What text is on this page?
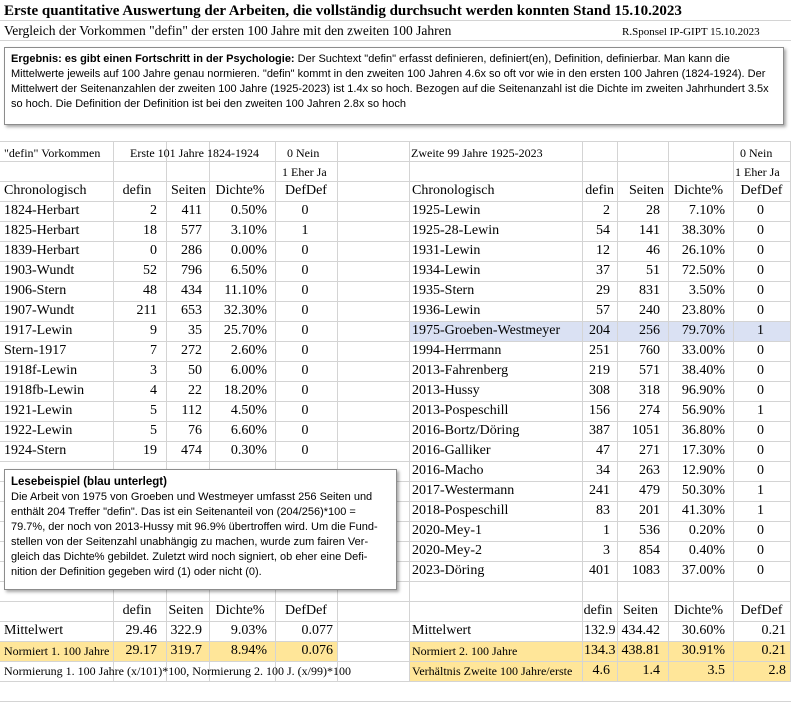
Erste quantitative Auswertung der Arbeiten, die vollständig durchsucht werden konnten Stand 15.10.2023
Vergleich der Vorkommen "defin" der ersten 100 Jahre mit den zweiten 100 Jahren	R.Sponsel IP-GIPT 15.10.2023

Ergebnis: es gibt einen Fortschritt in der Psychologie: Der Suchtext "defin" erfasst definieren, definiert(en), Definition, definierbar. Man kann die Mittelwerte jeweils auf 100 Jahre genau normieren. "defin" kommt in den zweiten 100 Jahren 4.6x so oft vor wie in den ersten 100 Jahren (1824-1924). Der Mittelwert der Seitenanzahlen der zweiten 100 Jahre (1925-2023) ist 1.4x so hoch. Bezogen auf die Seitenanzahl ist die Dichte im zweiten Jahrhundert 3.5x so hoch. Die Definition der Definition ist bei den zweiten 100 Jahren 2.8x so hoch

"defin" Vorkommen Erste 101 Jahre 1824-1924 0 Nein	Zweite 99 Jahre 1925-2023	0 Nein
1 Eher Ja	1 Eher Ja
Chronologisch	defin	Seiten Dichte%	DefDef	Chronologisch	defin	Seiten Dichte%	DefDef
1824-Herbart	2	411	0.50%	0
1825-Herbart	18	577	3.10%	1
1839-Herbart	0	286	0.00%	0
1903-Wundt	52	796	6.50%	0
1906-Stern	48	434	11.10%	0
1907-Wundt	211	653	32.30%	0
1917-Lewin	9	35	25.70%	0
Stern-1917	7	272	2.60%	0
1918f-Lewin	3	50	6.00%	0
1918fb-Lewin	4	22	18.20%	0
1921-Lewin	5	112	4.50%	0
1922-Lewin	5	76	6.60%	0
1924-Stern	19	474	0.30%	0
1925-Lewin	2	28	7.10%	0
1925-28-Lewin	54	141	38.30%	0
1931-Lewin	12	46	26.10%	0
1934-Lewin	37	51	72.50%	0
1935-Stern	29	831	3.50%	0
1936-Lewin	57	240	23.80%	0
1975-Groeben-Westmeyer	204	256	79.70%	1
1994-Herrmann	251	760	33.00%	0
2013-Fahrenberg	219	571	38.40%	0
2013-Hussy	308	318	96.90%	0
2013-Pospeschill	156	274	56.90%	1
2016-Bortz/Döring	387	1051	36.80%	0
2016-Galliker	47	271	17.30%	0
2016-Macho	34	263	12.90%	0
2017-Westermann	241	479	50.30%	1
2018-Pospeschill	83	201	41.30%	1
2020-Mey-1	1	536	0.20%	0
2020-Mey-2	3	854	0.40%	0
2023-Döring	401	1083	37.00%	0
defin	Seiten Dichte%	DefDef	defin Seiten	Dichte%	DefDef
Mittelwert	29.46 322.9	9.03%	0.077
Normiert 1. 100 Jahre	29.17 319.7	8.94%	0.076
Mittelwert	132.9 434.42	30.60%	0.21
Normiert 2. 100 Jahre	134.3 438.81	30.91%	0.21
Verhältnis Zweite 100 Jahre/erste	4.6	1.4	3.5	2.8
Normierung 1. 100 Jahre (x/101)*100, Normierung 2. 100 J. (x/99)*100

Lesebeispiel (blau unterlegt)

Die Arbeit von 1975 von Groeben und Westmeyer umfasst 256 Seiten und

enthält 204 Treffer "defin". Das ist ein Seitenanteil von (204/256)*100 =

79.7%, der noch von 2013-Hussy mit 96.9% übertroffen wird. Um die Fund-

stellen von der Seitenzahl unabhängig zu machen, wurde zum fairen Ver-

gleich das Dichte% gebildet. Zuletzt wird noch signiert, ob eher eine Defi-

nition der Definition gegeben wird (1) oder nicht (0).
